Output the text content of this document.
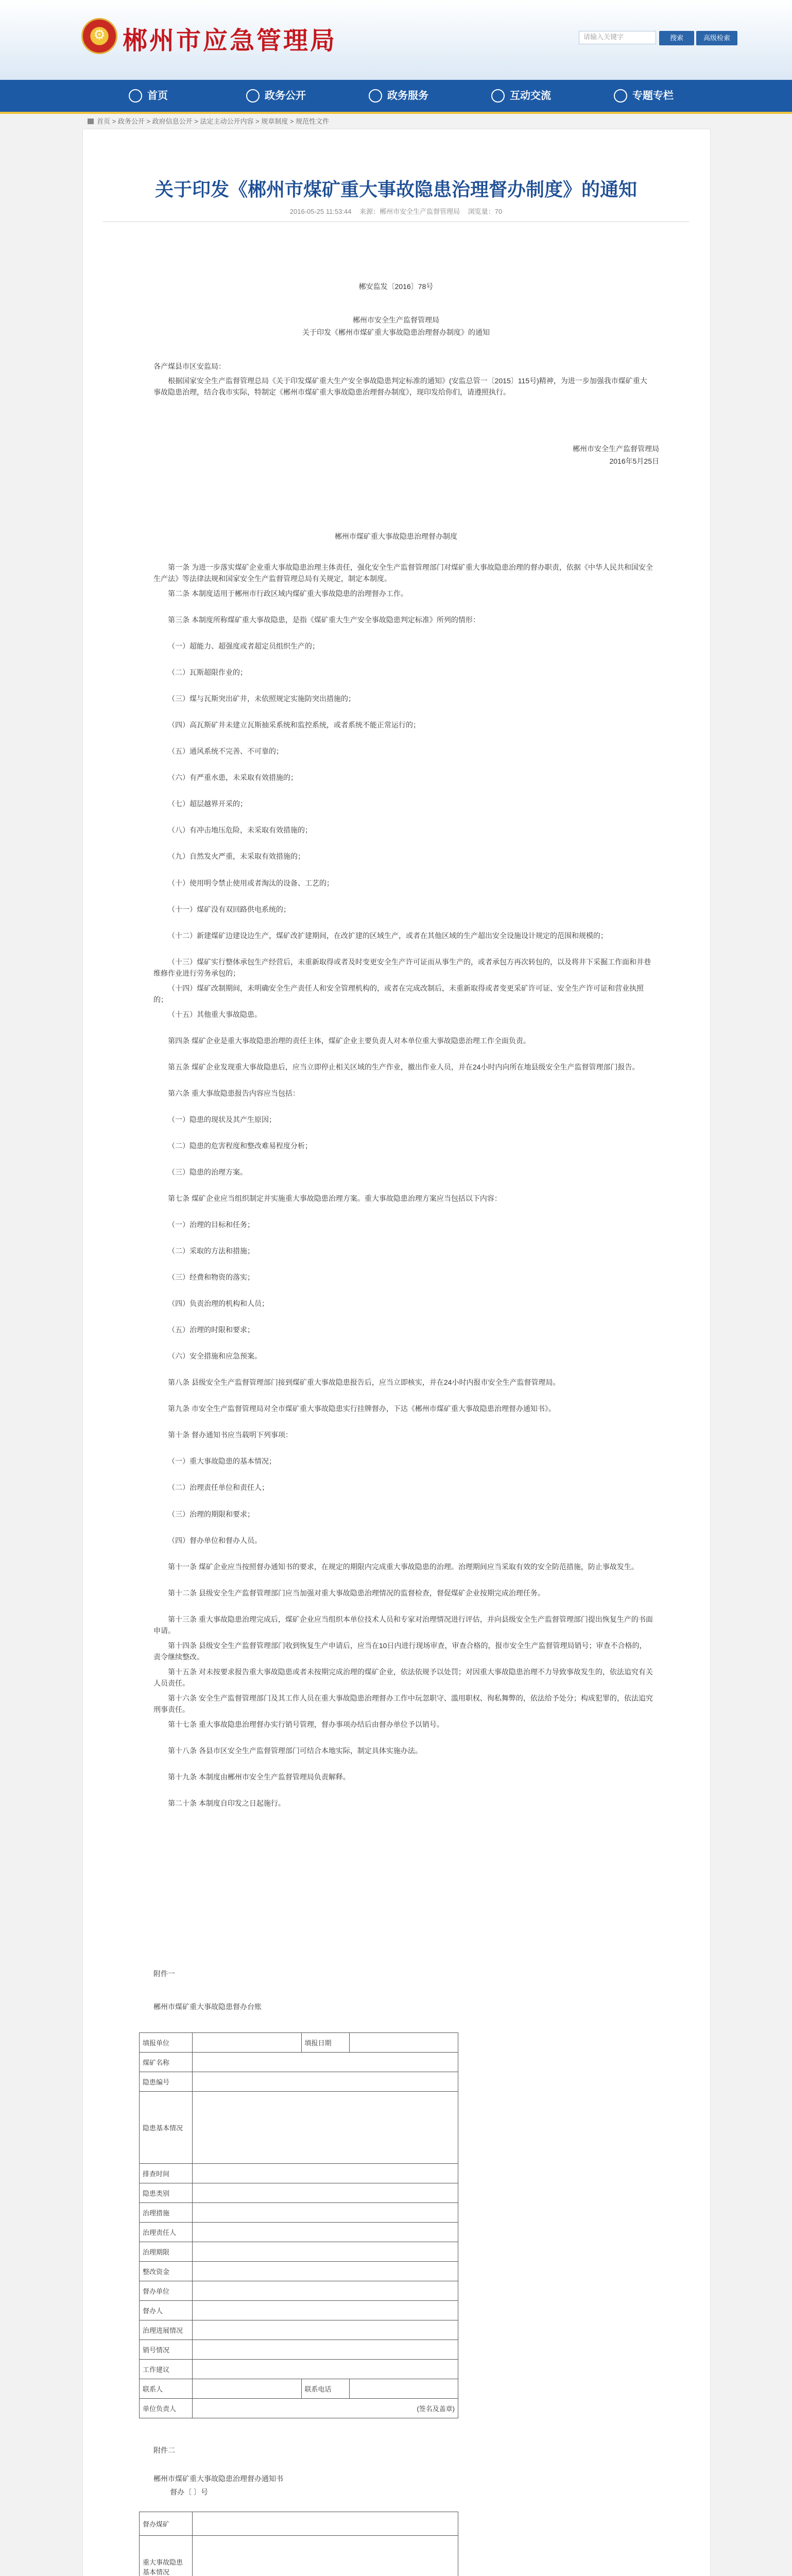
⚙ 郴州市应急管理局	请输入关键字	搜索	高级检索
首页	政务公开	政务服务	互动交流	专题专栏
首页 > 政务公开 > 政府信息公开 > 法定主动公开内容 > 规章制度 > 规范性文件
关于印发《郴州市煤矿重大事故隐患治理督办制度》的通知
2016-05-25 11:53:44 来源：郴州市安全生产监督管理局 浏览量：70
郴安监发〔2016〕78号
郴州市安全生产监督管理局
关于印发《郴州市煤矿重大事故隐患治理督办制度》的通知
各产煤县市区安监局：
根据国家安全生产监督管理总局《关于印发煤矿重大生产安全事故隐患判定标准的通知》(安监总管一〔2015〕115号)精神，为进一步加强我市煤矿重大事故隐患治理，结合我市实际，特制定《郴州市煤矿重大事故隐患治理督办制度》，现印发给你们，请遵照执行。
郴州市安全生产监督管理局
2016年5月25日
郴州市煤矿重大事故隐患治理督办制度
第一条 为进一步落实煤矿企业重大事故隐患治理主体责任，强化安全生产监督管理部门对煤矿重大事故隐患治理的督办职责，依据《中华人民共和国安全生产法》等法律法规和国家安全生产监督管理总局有关规定，制定本制度。
第二条 本制度适用于郴州市行政区域内煤矿重大事故隐患的治理督办工作。
第三条 本制度所称煤矿重大事故隐患，是指《煤矿重大生产安全事故隐患判定标准》所列的情形：
（一）超能力、超强度或者超定员组织生产的；
（二）瓦斯超限作业的；
（三）煤与瓦斯突出矿井，未依照规定实施防突出措施的；
（四）高瓦斯矿井未建立瓦斯抽采系统和监控系统，或者系统不能正常运行的；
（五）通风系统不完善、不可靠的；
（六）有严重水患，未采取有效措施的；
（七）超层越界开采的；
（八）有冲击地压危险，未采取有效措施的；
（九）自然发火严重，未采取有效措施的；
（十）使用明令禁止使用或者淘汰的设备、工艺的；
（十一）煤矿没有双回路供电系统的；
（十二）新建煤矿边建设边生产，煤矿改扩建期间，在改扩建的区域生产，或者在其他区域的生产超出安全设施设计规定的范围和规模的；
（十三）煤矿实行整体承包生产经营后，未重新取得或者及时变更安全生产许可证而从事生产的，或者承包方再次转包的，以及将井下采掘工作面和井巷维修作业进行劳务承包的；
（十四）煤矿改制期间，未明确安全生产责任人和安全管理机构的，或者在完成改制后，未重新取得或者变更采矿许可证、安全生产许可证和营业执照的；
（十五）其他重大事故隐患。
第四条 煤矿企业是重大事故隐患治理的责任主体，煤矿企业主要负责人对本单位重大事故隐患治理工作全面负责。
第五条 煤矿企业发现重大事故隐患后，应当立即停止相关区域的生产作业，撤出作业人员，并在24小时内向所在地县级安全生产监督管理部门报告。
第六条 重大事故隐患报告内容应当包括：
（一）隐患的现状及其产生原因；
（二）隐患的危害程度和整改难易程度分析；
（三）隐患的治理方案。
第七条 煤矿企业应当组织制定并实施重大事故隐患治理方案。重大事故隐患治理方案应当包括以下内容：
（一）治理的目标和任务；
（二）采取的方法和措施；
（三）经费和物资的落实；
（四）负责治理的机构和人员；
（五）治理的时限和要求；
（六）安全措施和应急预案。
第八条 县级安全生产监督管理部门接到煤矿重大事故隐患报告后，应当立即核实，并在24小时内报市安全生产监督管理局。
第九条 市安全生产监督管理局对全市煤矿重大事故隐患实行挂牌督办，下达《郴州市煤矿重大事故隐患治理督办通知书》。
第十条 督办通知书应当载明下列事项：
（一）重大事故隐患的基本情况；
（二）治理责任单位和责任人；
（三）治理的期限和要求；
（四）督办单位和督办人员。
第十一条 煤矿企业应当按照督办通知书的要求，在规定的期限内完成重大事故隐患的治理。治理期间应当采取有效的安全防范措施，防止事故发生。
第十二条 县级安全生产监督管理部门应当加强对重大事故隐患治理情况的监督检查，督促煤矿企业按期完成治理任务。
第十三条 重大事故隐患治理完成后，煤矿企业应当组织本单位技术人员和专家对治理情况进行评估，并向县级安全生产监督管理部门提出恢复生产的书面申请。
第十四条 县级安全生产监督管理部门收到恢复生产申请后，应当在10日内进行现场审查，审查合格的，报市安全生产监督管理局销号；审查不合格的，责令继续整改。
第十五条 对未按要求报告重大事故隐患或者未按期完成治理的煤矿企业，依法依规予以处罚；对因重大事故隐患治理不力导致事故发生的，依法追究有关人员责任。
第十六条 安全生产监督管理部门及其工作人员在重大事故隐患治理督办工作中玩忽职守、滥用职权、徇私舞弊的，依法给予处分；构成犯罪的，依法追究刑事责任。
第十七条 重大事故隐患治理督办实行销号管理，督办事项办结后由督办单位予以销号。
第十八条 各县市区安全生产监督管理部门可结合本地实际，制定具体实施办法。
第十九条 本制度由郴州市安全生产监督管理局负责解释。
第二十条 本制度自印发之日起施行。
附件一
郴州市煤矿重大事故隐患督办台账
填报单位		填报日期	
煤矿名称			
隐患编号			
隐患基本情况			
排查时间			
隐患类别			
治理措施			
治理责任人			
治理期限			
整改资金			
督办单位			
督办人			
治理进展情况			
销号情况			
工作建议			
联系人		联系电话	
单位负责人	(签名及盖章)		
附件二
郴州市煤矿重大事故隐患治理督办通知书
督办〔 〕号
督办煤矿	
重大事故隐患基本情况	
